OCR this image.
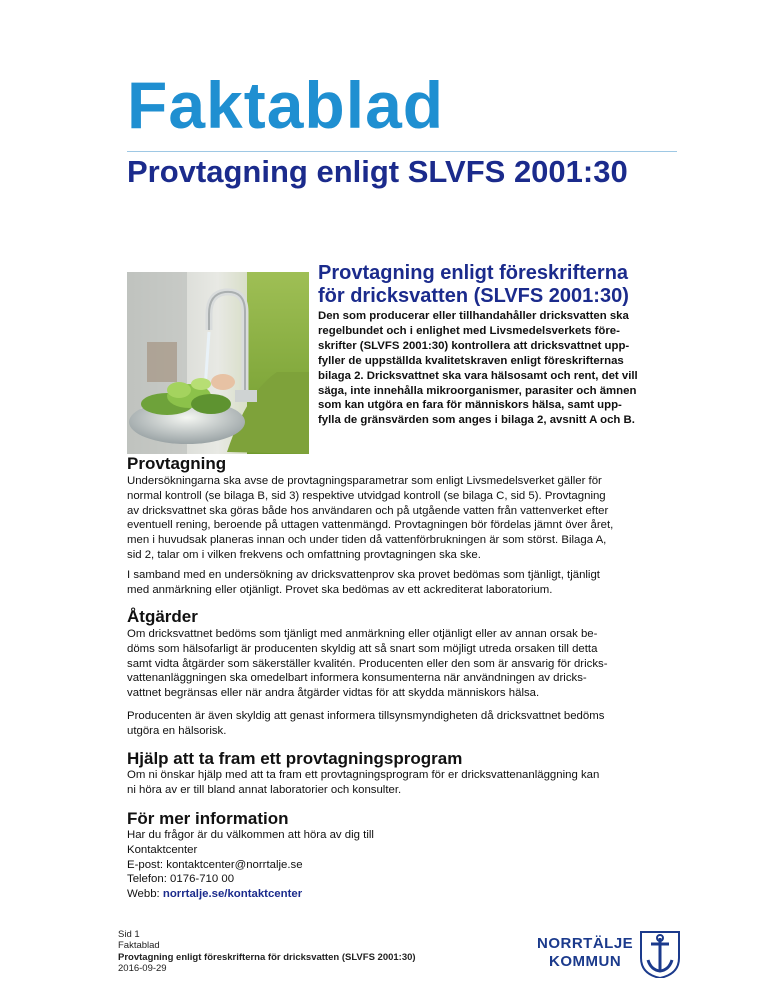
Faktablad
Provtagning enligt SLVFS 2001:30
Provtagning enligt föreskrifterna
för dricksvatten (SLVFS 2001:30)
Den som producerar eller tillhandahåller dricksvatten ska
regelbundet och i enlighet med Livsmedelsverkets före-
skrifter (SLVFS 2001:30) kontrollera att dricksvattnet upp-
fyller de uppställda kvalitetskraven enligt föreskrifternas
bilaga 2. Dricksvattnet ska vara hälsosamt och rent, det vill
säga, inte innehålla mikroorganismer, parasiter och ämnen
som kan utgöra en fara för människors hälsa, samt upp-
fylla de gränsvärden som anges i bilaga 2, avsnitt A och B.
Provtagning
Undersökningarna ska avse de provtagningsparametrar som enligt Livsmedelsverket gäller för
normal kontroll (se bilaga B, sid 3) respektive utvidgad kontroll (se bilaga C, sid 5). Provtagning
av dricksvattnet ska göras både hos användaren och på utgående vatten från vattenverket efter
eventuell rening, beroende på uttagen vattenmängd. Provtagningen bör fördelas jämnt över året,
men i huvudsak planeras innan och under tiden då vattenförbrukningen är som störst. Bilaga A,
sid 2, talar om i vilken frekvens och omfattning provtagningen ska ske.
I samband med en undersökning av dricksvattenprov ska provet bedömas som tjänligt, tjänligt
med anmärkning eller otjänligt. Provet ska bedömas av ett ackrediterat laboratorium.
Åtgärder
Om dricksvattnet bedöms som tjänligt med anmärkning eller otjänligt eller av annan orsak be-
döms som hälsofarligt är producenten skyldig att så snart som möjligt utreda orsaken till detta
samt vidta åtgärder som säkerställer kvalitén. Producenten eller den som är ansvarig för dricks-
vattenanläggningen ska omedelbart informera konsumenterna när användningen av dricks-
vattnet begränsas eller när andra åtgärder vidtas för att skydda människors hälsa.
Producenten är även skyldig att genast informera tillsynsmyndigheten då dricksvattnet bedöms
utgöra en hälsorisk.
Hjälp att ta fram ett provtagningsprogram
Om ni önskar hjälp med att ta fram ett provtagningsprogram för er dricksvattenanläggning kan
ni höra av er till bland annat laboratorier och konsulter.
För mer information
Har du frågor är du välkommen att höra av dig till
Kontaktcenter
E-post: kontaktcenter@norrtalje.se
Telefon: 0176-710 00
Webb: norrtalje.se/kontaktcenter
Sid 1
Faktablad
Provtagning enligt föreskrifterna för dricksvatten (SLVFS 2001:30)
2016-09-29
NORRTÄLJE
KOMMUN
